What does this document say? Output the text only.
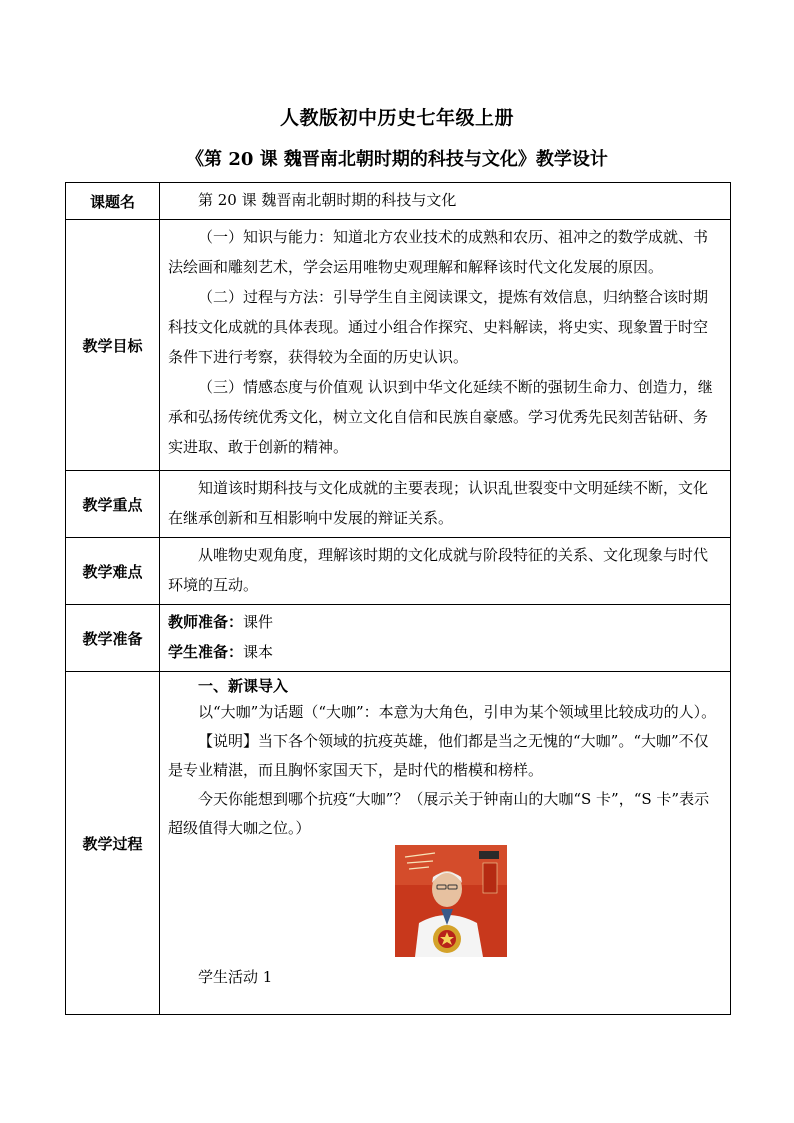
人教版初中历史七年级上册
《第 20 课 魏晋南北朝时期的科技与文化》教学设计
课题名	第 20 课 魏晋南北朝时期的科技与文化

教学目标	（一）知识与能力：知道北方农业技术的成熟和农历、祖冲之的数学成就、书法绘画和雕刻艺术，学会运用唯物史观理解和解释该时代文化发展的原因。

（二）过程与方法：引导学生自主阅读课文，提炼有效信息，归纳整合该时期科技文化成就的具体表现。通过小组合作探究、史料解读，将史实、现象置于时空条件下进行考察，获得较为全面的历史认识。

（三）情感态度与价值观 认识到中华文化延续不断的强韧生命力、创造力，继承和弘扬传统优秀文化，树立文化自信和民族自豪感。学习优秀先民刻苦钻研、务实进取、敢于创新的精神。

教学重点	知道该时期科技与文化成就的主要表现；认识乱世裂变中文明延续不断，文化在继承创新和互相影响中发展的辩证关系。

教学难点	从唯物史观角度，理解该时期的文化成就与阶段特征的关系、文化现象与时代环境的互动。

教学准备	教师准备：课件

学生准备：课本

教学过程	一、新课导入

以“大咖”为话题（“大咖”：本意为大角色，引申为某个领域里比较成功的人）。

【说明】当下各个领域的抗疫英雄，他们都是当之无愧的“大咖”。“大咖”不仅是专业精湛，而且胸怀家国天下，是时代的楷模和榜样。

今天你能想到哪个抗疫“大咖”？（展示关于钟南山的大咖“S 卡”，“S 卡”表示超级值得大咖之位。）

学生活动 1
